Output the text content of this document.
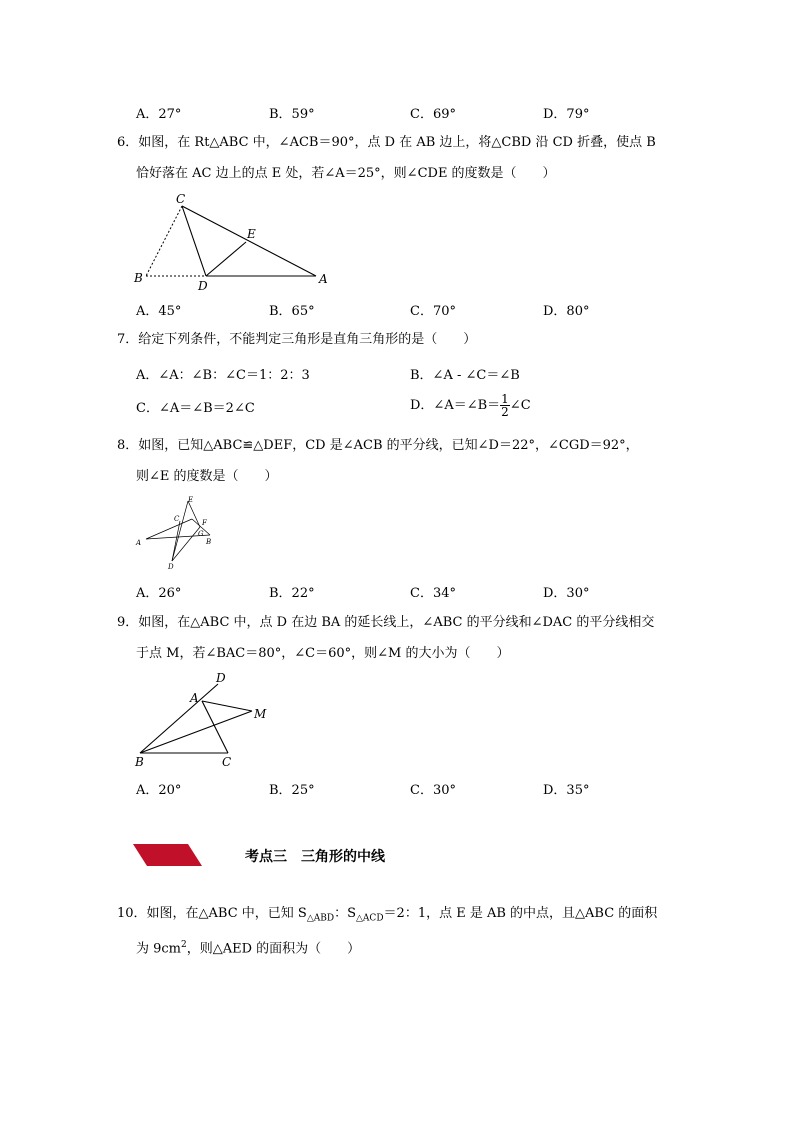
A．27°	B．59°	C．69°	D．79°
6．如图，在 Rt△ABC 中，∠ACB＝90°，点 D 在 AB 边上，将△CBD 沿 CD 折叠，使点 B
恰好落在 AC 边上的点 E 处，若∠A＝25°，则∠CDE 的度数是（　　）
C
E
B
D	A
A．45°	B．65°	C．70°	D．80°
7．给定下列条件，不能判定三角形是直角三角形的是（　　）
A．∠A：∠B：∠C＝1：2：3	B．∠A - ∠C＝∠B
C．∠A＝∠B＝2∠C	D．∠A＝∠B＝ $\frac{1}{2}$ ∠C
8．如图，已知△ABC≌△DEF，CD 是∠ACB 的平分线，已知∠D＝22°，∠CGD＝92°，
则∠E 的度数是（　　）
E
C	F
A
G
B
D
A．26°	B．22°	C．34°	D．30°
9．如图，在△ABC 中，点 D 在边 BA 的延长线上，∠ABC 的平分线和∠DAC 的平分线相交
于点 M，若∠BAC＝80°，∠C＝60°，则∠M 的大小为（　　）
D
A
M
B	C
A．20°	B．25°	C．30°	D．35°
考点三　三角形的中线
10．如图，在△ABC 中，已知 $S_{\triangle ABD}$：$S_{\triangle ACD}=2$：1，点 E 是 AB 的中点，且△ABC 的面积
为 $9cm^2$，则△AED 的面积为（　　）
